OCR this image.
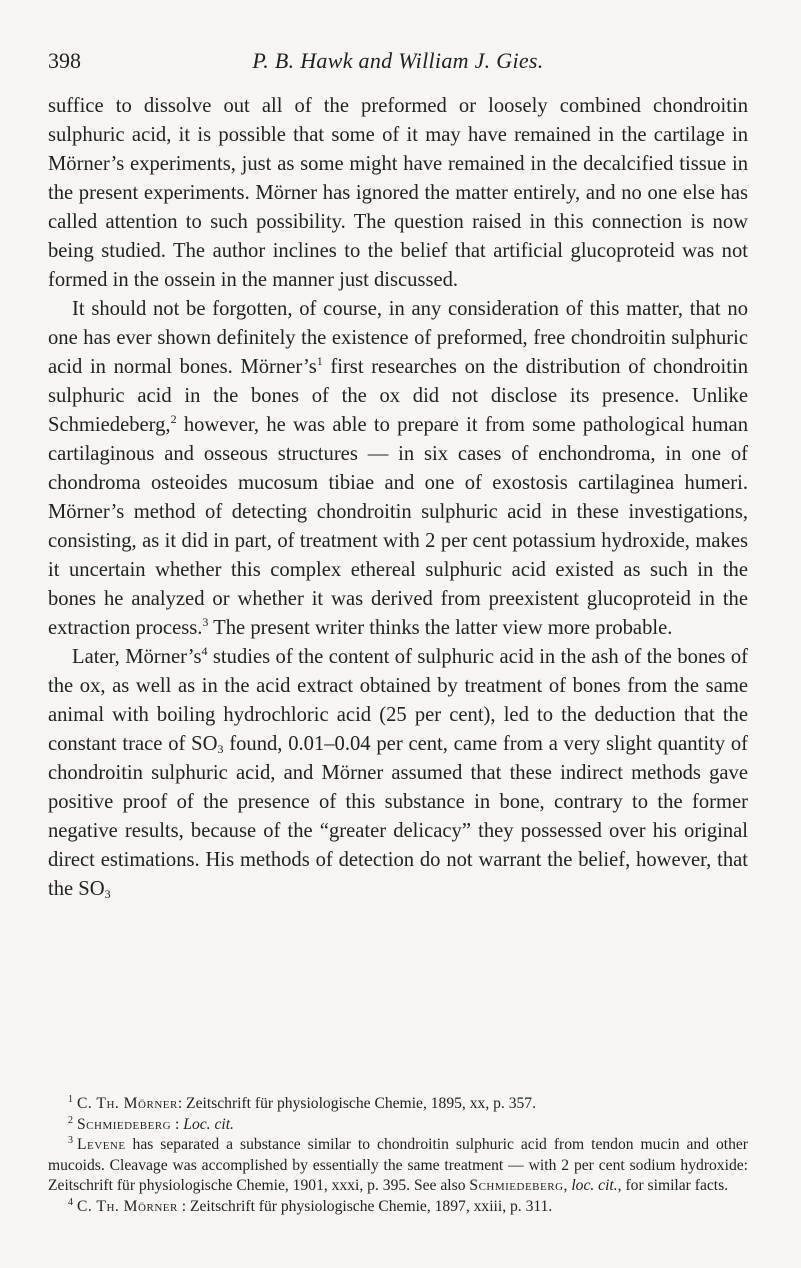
398	P. B. Hawk and William J. Gies.

suffice to dissolve out all of the preformed or loosely combined chondroitin sulphuric acid, it is possible that some of it may have remained in the cartilage in Mörner’s experiments, just as some might have remained in the decalcified tissue in the present experiments. Mörner has ignored the matter entirely, and no one else has called attention to such possibility. The question raised in this connection is now being studied. The author inclines to the belief that artificial glucoproteid was not formed in the ossein in the manner just discussed.

It should not be forgotten, of course, in any consideration of this matter, that no one has ever shown definitely the existence of preformed, free chondroitin sulphuric acid in normal bones. $Mörner’s^1$ first researches on the distribution of chondroitin sulphuric acid in the bones of the ox did not disclose its presence. Unlike Schmiedeberg,$^2$ however, he was able to prepare it from some pathological human cartilaginous and osseous structures — in six cases of enchondroma, in one of chondroma osteoides mucosum tibiae and one of exostosis cartilaginea humeri. Mörner’s method of detecting chondroitin sulphuric acid in these investigations, consisting, as it did in part, of treatment with 2 per cent potassium hydroxide, makes it uncertain whether this complex ethereal sulphuric acid existed as such in the bones he analyzed or whether it was derived from preexistent glucoproteid in the extraction process.$^3$ The present writer thinks the latter view more probable.

Later, $Mörner’s^4$ studies of the content of sulphuric acid in the ash of the bones of the ox, as well as in the acid extract obtained by treatment of bones from the same animal with boiling hydrochloric acid (25 per cent), led to the deduction that the constant trace of $SO_3$ found, 0.01–0.04 per cent, came from a very slight quantity of chondroitin sulphuric acid, and Mörner assumed that these indirect methods gave positive proof of the presence of this substance in bone, contrary to the former negative results, because of the “greater delicacy” they possessed over his original direct estimations. His methods of detection do not warrant the belief, however, that the $SO_3$

$^1$ C. Th. Mörner: Zeitschrift für physiologische Chemie, 1895, xx, p. 357.

$^2$ Schmiedeberg : Loc. cit.

$^3$ Levene has separated a substance similar to chondroitin sulphuric acid from tendon mucin and other mucoids. Cleavage was accomplished by essentially the same treatment — with 2 per cent sodium hydroxide: Zeitschrift für physiologische Chemie, 1901, xxxi, p. 395. See also Schmiedeberg, loc. cit., for similar facts.

$^4$ C. Th. Mörner : Zeitschrift für physiologische Chemie, 1897, xxiii, p. 311.
